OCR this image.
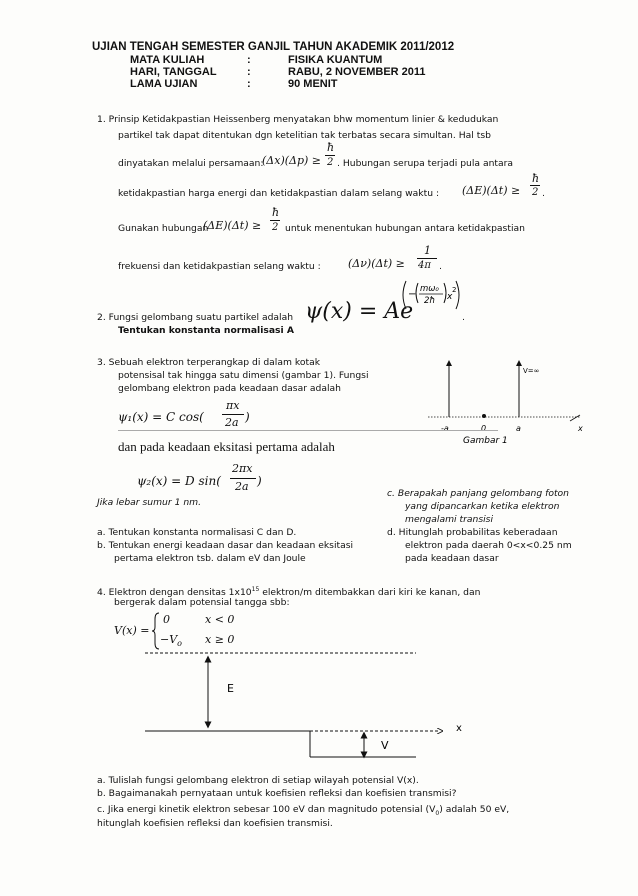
UJIAN TENGAH SEMESTER GANJIL TAHUN AKADEMIK 2011/2012
MATA KULIAH	:	FISIKA KUANTUM
HARI, TANGGAL	:	RABU, 2 NOVEMBER 2011
LAMA UJIAN	:	90 MENIT
1. Prinsip Ketidakpastian Heissenberg menyatakan bhw momentum linier & kedudukan
partikel tak dapat ditentukan dgn ketelitian tak terbatas secara simultan. Hal tsb
dinyatakan melalui persamaan:
(Δx)(Δp) ≥
ħ
2 . Hubungan serupa terjadi pula antara
ketidakpastian harga energi dan ketidakpastian dalam selang waktu : (ΔE)(Δt) ≥
ħ
2 .
Gunakan hubungan
(ΔE)(Δt) ≥
ħ
2 untuk menentukan hubungan antara ketidakpastian
frekuensi dan ketidakpastian selang waktu : (Δν)(Δt) ≥
1
4π .
2. Fungsi gelombang suatu partikel adalah ψ(x) = Ae
− mω₀
2ħ x
2
.
Tentukan konstanta normalisasi A
3. Sebuah elektron terperangkap di dalam kotak
potensisal tak hingga satu dimensi (gambar 1). Fungsi
gelombang elektron pada keadaan dasar adalah
ψ₁(x) = C cos(
πx
2a )
dan pada keadaan eksitasi pertama adalah
ψ₂(x) = D sin(
2πx
2a )
Jika lebar sumur 1 nm.
a. Tentukan konstanta normalisasi C dan D.
b. Tentukan energi keadaan dasar dan keadaan eksitasi
pertama elektron tsb. dalam eV dan Joule
c. Berapakah panjang gelombang foton
yang dipancarkan ketika elektron
mengalami transisi
d. Hitunglah probabilitas keberadaan
elektron pada daerah 0<x<0.25 nm
pada keadaan dasar
V=∞
-a	0	a	x
Gambar 1
4. Elektron dengan densitas $1x10^{15}$ elektron/m ditembakkan dari kiri ke kanan, dan
bergerak dalam potensial tangga sbb:
V(x) =
0	x < 0
$-V_o$ x ≥ 0
E
x
V
a. Tulislah fungsi gelombang elektron di setiap wilayah potensial V(x).
b. Bagaimanakah pernyataan untuk koefisien refleksi dan koefisien transmisi?
c. Jika energi kinetik elektron sebesar 100 eV dan magnitudo potensial $(V_0)$ adalah 50 eV,
hitunglah koefisien refleksi dan koefisien transmisi.
